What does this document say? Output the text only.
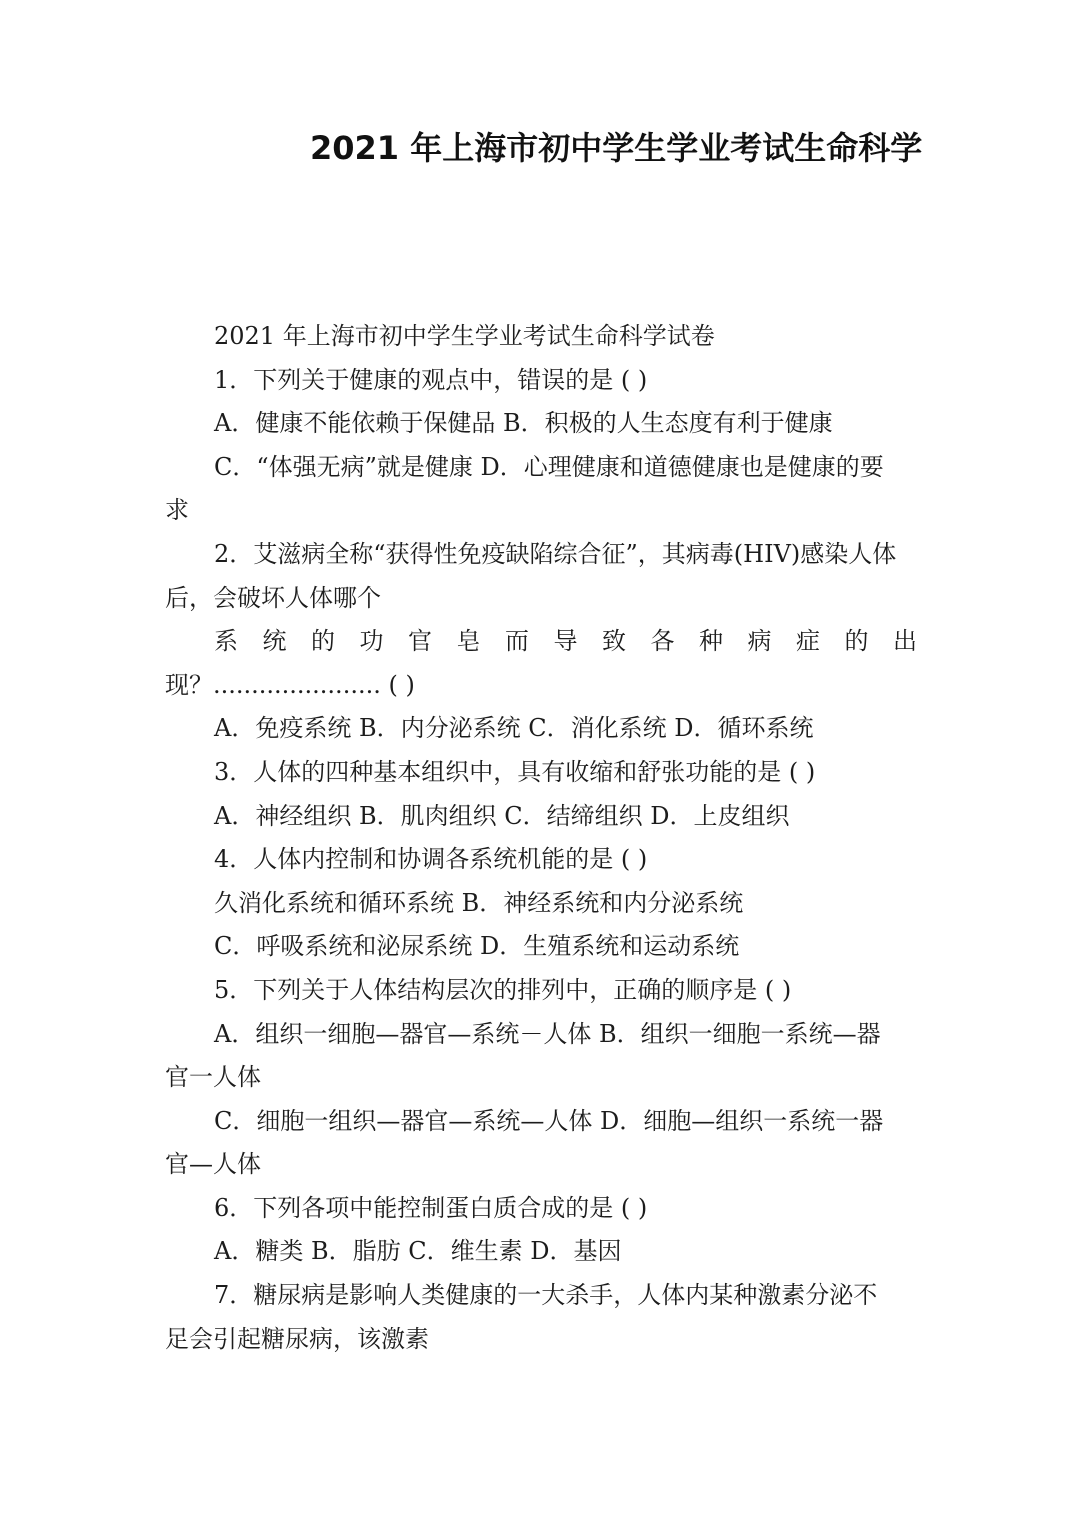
2021 年上海市初中学生学业考试生命科学

2021 年上海市初中学生学业考试生命科学试卷

1．下列关于健康的观点中，错误的是 ( )

A．健康不能依赖于保健品 B．积极的人生态度有利于健康

C．“体强无病”就是健康 D．心理健康和道德健康也是健康的要

求

2．艾滋病全称“获得性免疫缺陷综合征”，其病毒(HIV)感染人体

后，会破坏人体哪个

系 统 的 功 官 皂 而 导 致 各 种 病 症 的 出

现？...................... ( )

A．免疫系统 B．内分泌系统 C．消化系统 D．循环系统

3．人体的四种基本组织中，具有收缩和舒张功能的是 ( )

A．神经组织 B．肌肉组织 C．结缔组织 D．上皮组织

4．人体内控制和协调各系统机能的是 ( )

久消化系统和循环系统 B．神经系统和内分泌系统

C．呼吸系统和泌尿系统 D．生殖系统和运动系统

5．下列关于人体结构层次的排列中，正确的顺序是 ( )

A．组织一细胞—器官—系统－人体 B．组织一细胞一系统—器

官一人体

C．细胞一组织—器官—系统—人体 D．细胞—组织一系统一器

官—人体

6．下列各项中能控制蛋白质合成的是 ( )

A．糖类 B．脂肪 C．维生素 D．基因

7．糖尿病是影响人类健康的一大杀手，人体内某种激素分泌不

足会引起糖尿病，该激素
